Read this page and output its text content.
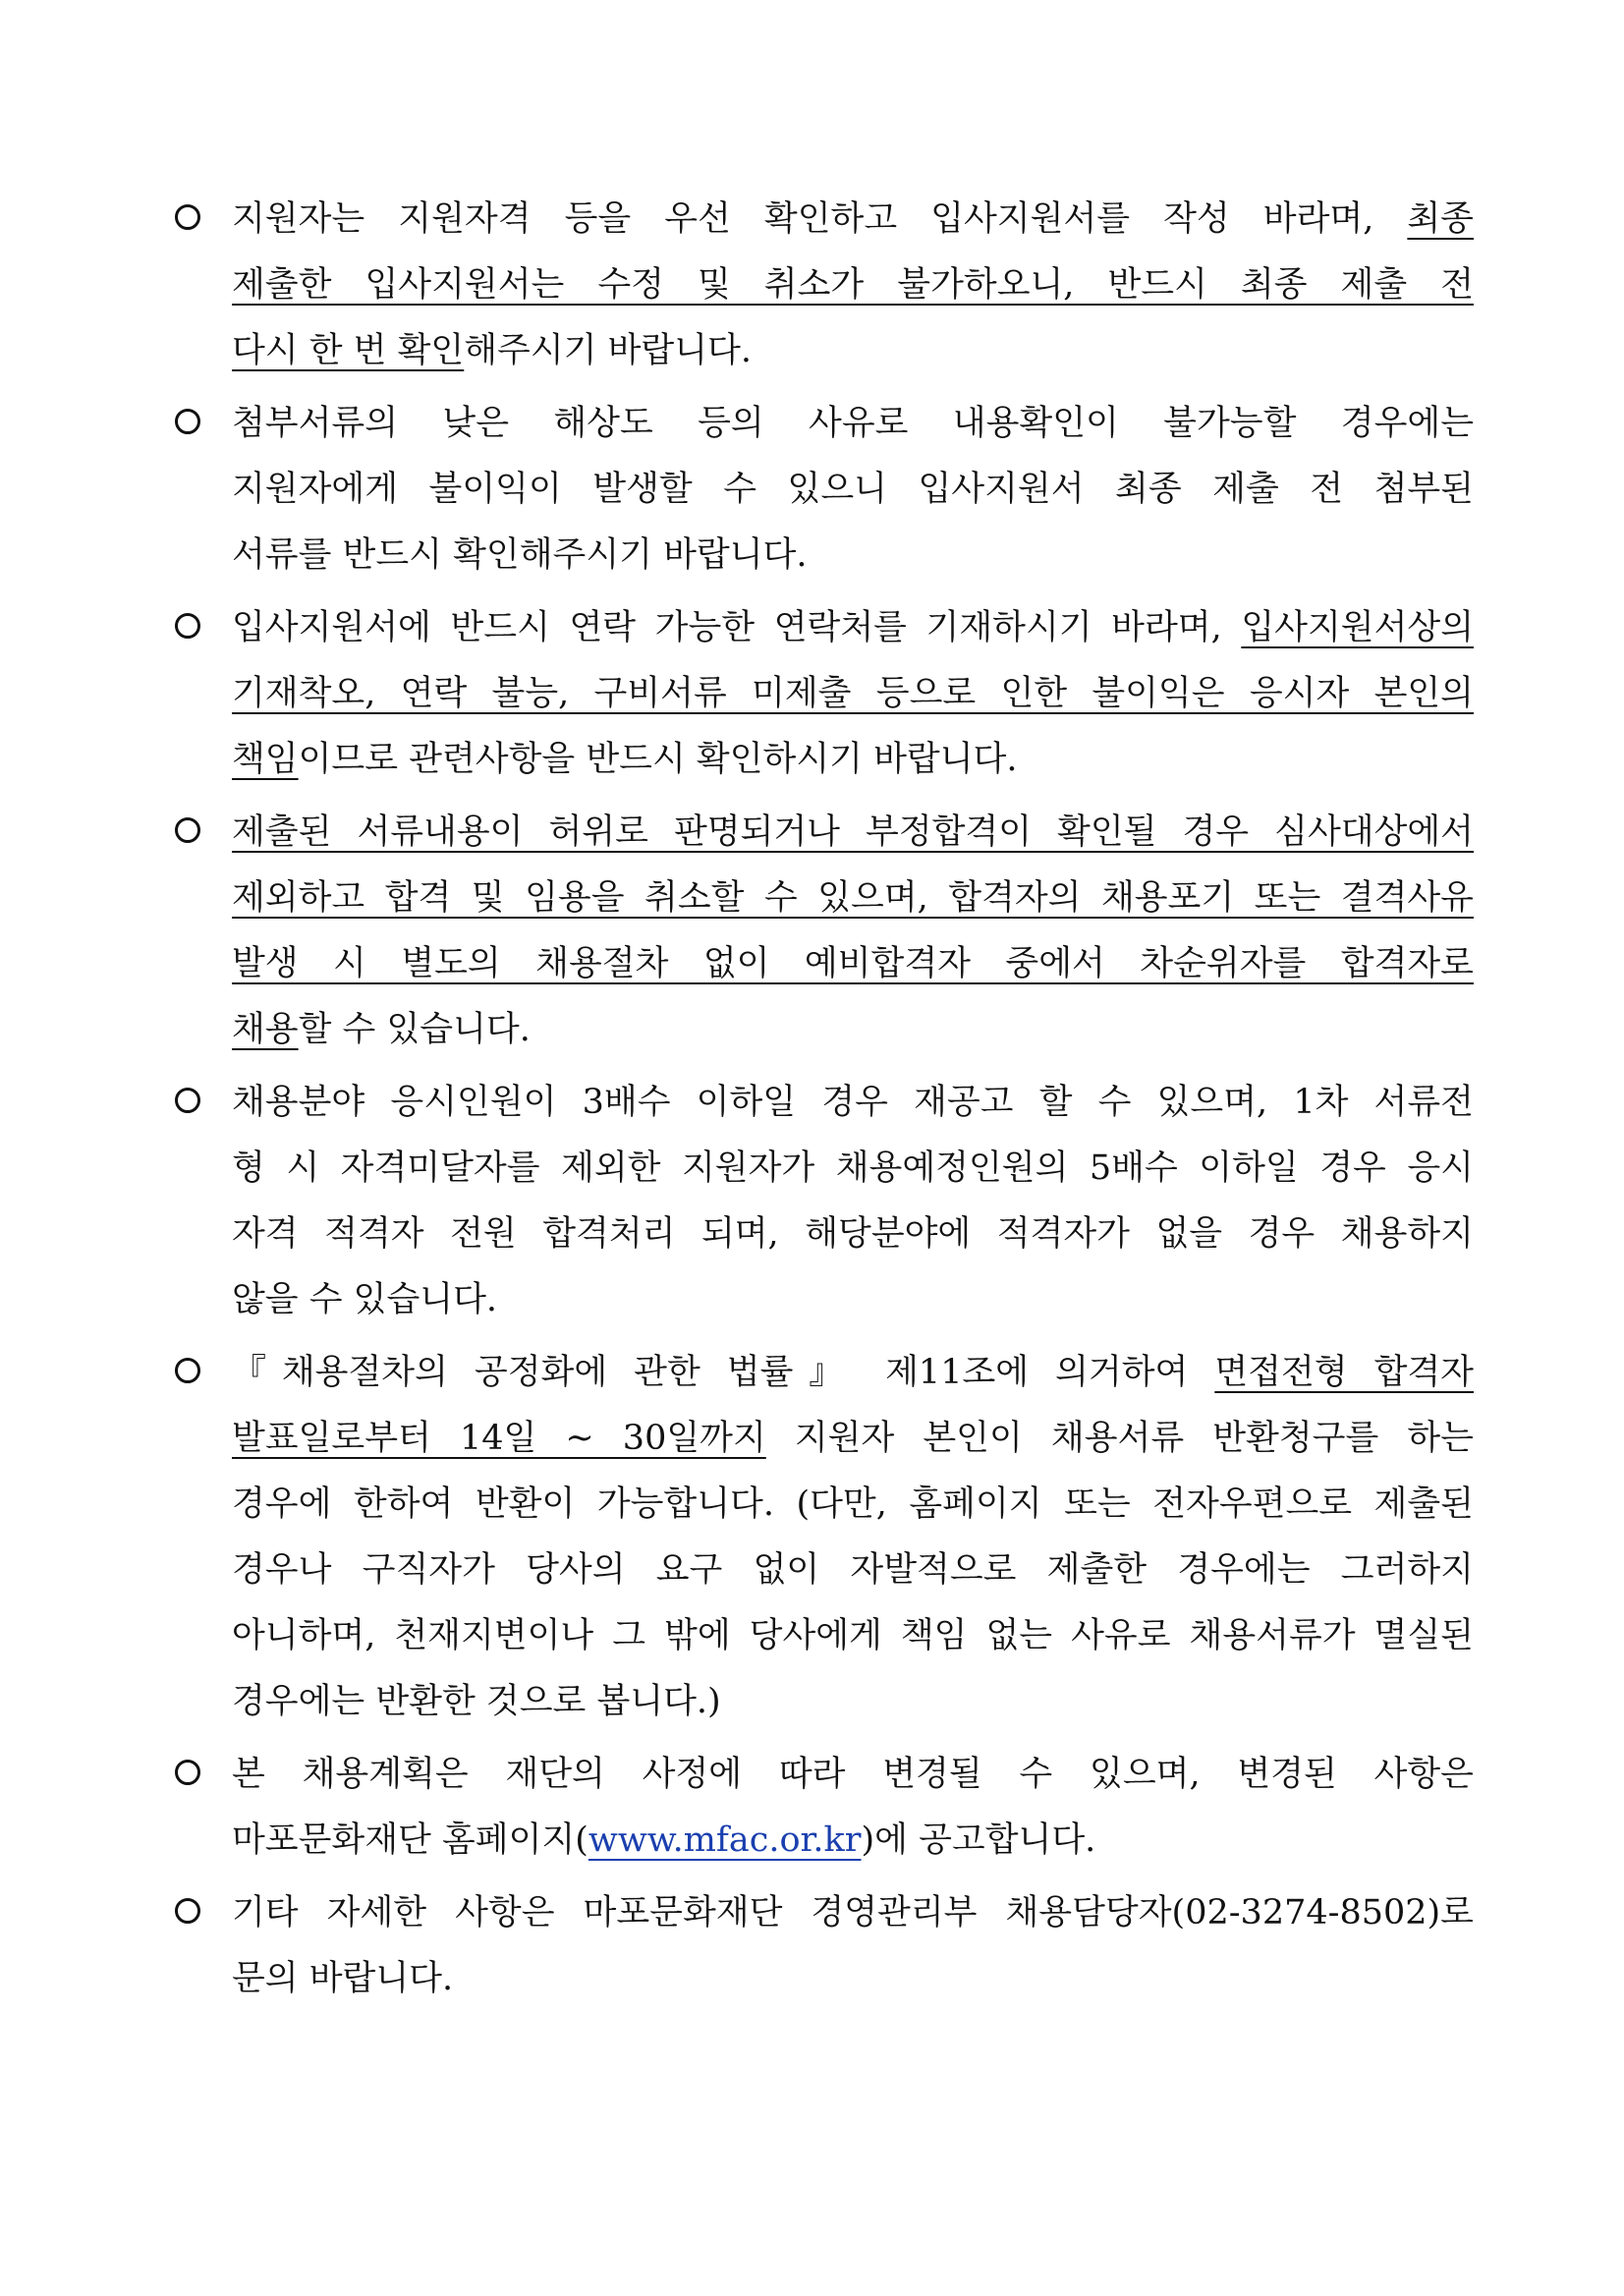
지원자는 지원자격 등을 우선 확인하고 입사지원서를 작성 바라며, 최종
제출한 입사지원서는 수정 및 취소가 불가하오니, 반드시 최종 제출 전
다시 한 번 확인해주시기 바랍니다.
첨부서류의 낮은 해상도 등의 사유로 내용확인이 불가능할 경우에는
지원자에게 불이익이 발생할 수 있으니 입사지원서 최종 제출 전 첨부된
서류를 반드시 확인해주시기 바랍니다.
입사지원서에 반드시 연락 가능한 연락처를 기재하시기 바라며, 입사지원서상의
기재착오, 연락 불능, 구비서류 미제출 등으로 인한 불이익은 응시자 본인의
책임이므로 관련사항을 반드시 확인하시기 바랍니다.
제출된 서류내용이 허위로 판명되거나 부정합격이 확인될 경우 심사대상에서
제외하고 합격 및 임용을 취소할 수 있으며, 합격자의 채용포기 또는 결격사유
발생 시 별도의 채용절차 없이 예비합격자 중에서 차순위자를 합격자로
채용할 수 있습니다.
채용분야 응시인원이 3배수 이하일 경우 재공고 할 수 있으며, 1차 서류전
형 시 자격미달자를 제외한 지원자가 채용예정인원의 5배수 이하일 경우 응시
자격 적격자 전원 합격처리 되며, 해당분야에 적격자가 없을 경우 채용하지
않을 수 있습니다.
『채용절차의 공정화에 관한 법률』 제11조에 의거하여 면접전형 합격자
발표일로부터 14일 ~ 30일까지 지원자 본인이 채용서류 반환청구를 하는
경우에 한하여 반환이 가능합니다. (다만, 홈페이지 또는 전자우편으로 제출된
경우나 구직자가 당사의 요구 없이 자발적으로 제출한 경우에는 그러하지
아니하며, 천재지변이나 그 밖에 당사에게 책임 없는 사유로 채용서류가 멸실된
경우에는 반환한 것으로 봅니다.)
본 채용계획은 재단의 사정에 따라 변경될 수 있으며, 변경된 사항은
마포문화재단 홈페이지(www.mfac.or.kr)에 공고합니다.
기타 자세한 사항은 마포문화재단 경영관리부 채용담당자(02-3274-8502)로
문의 바랍니다.
